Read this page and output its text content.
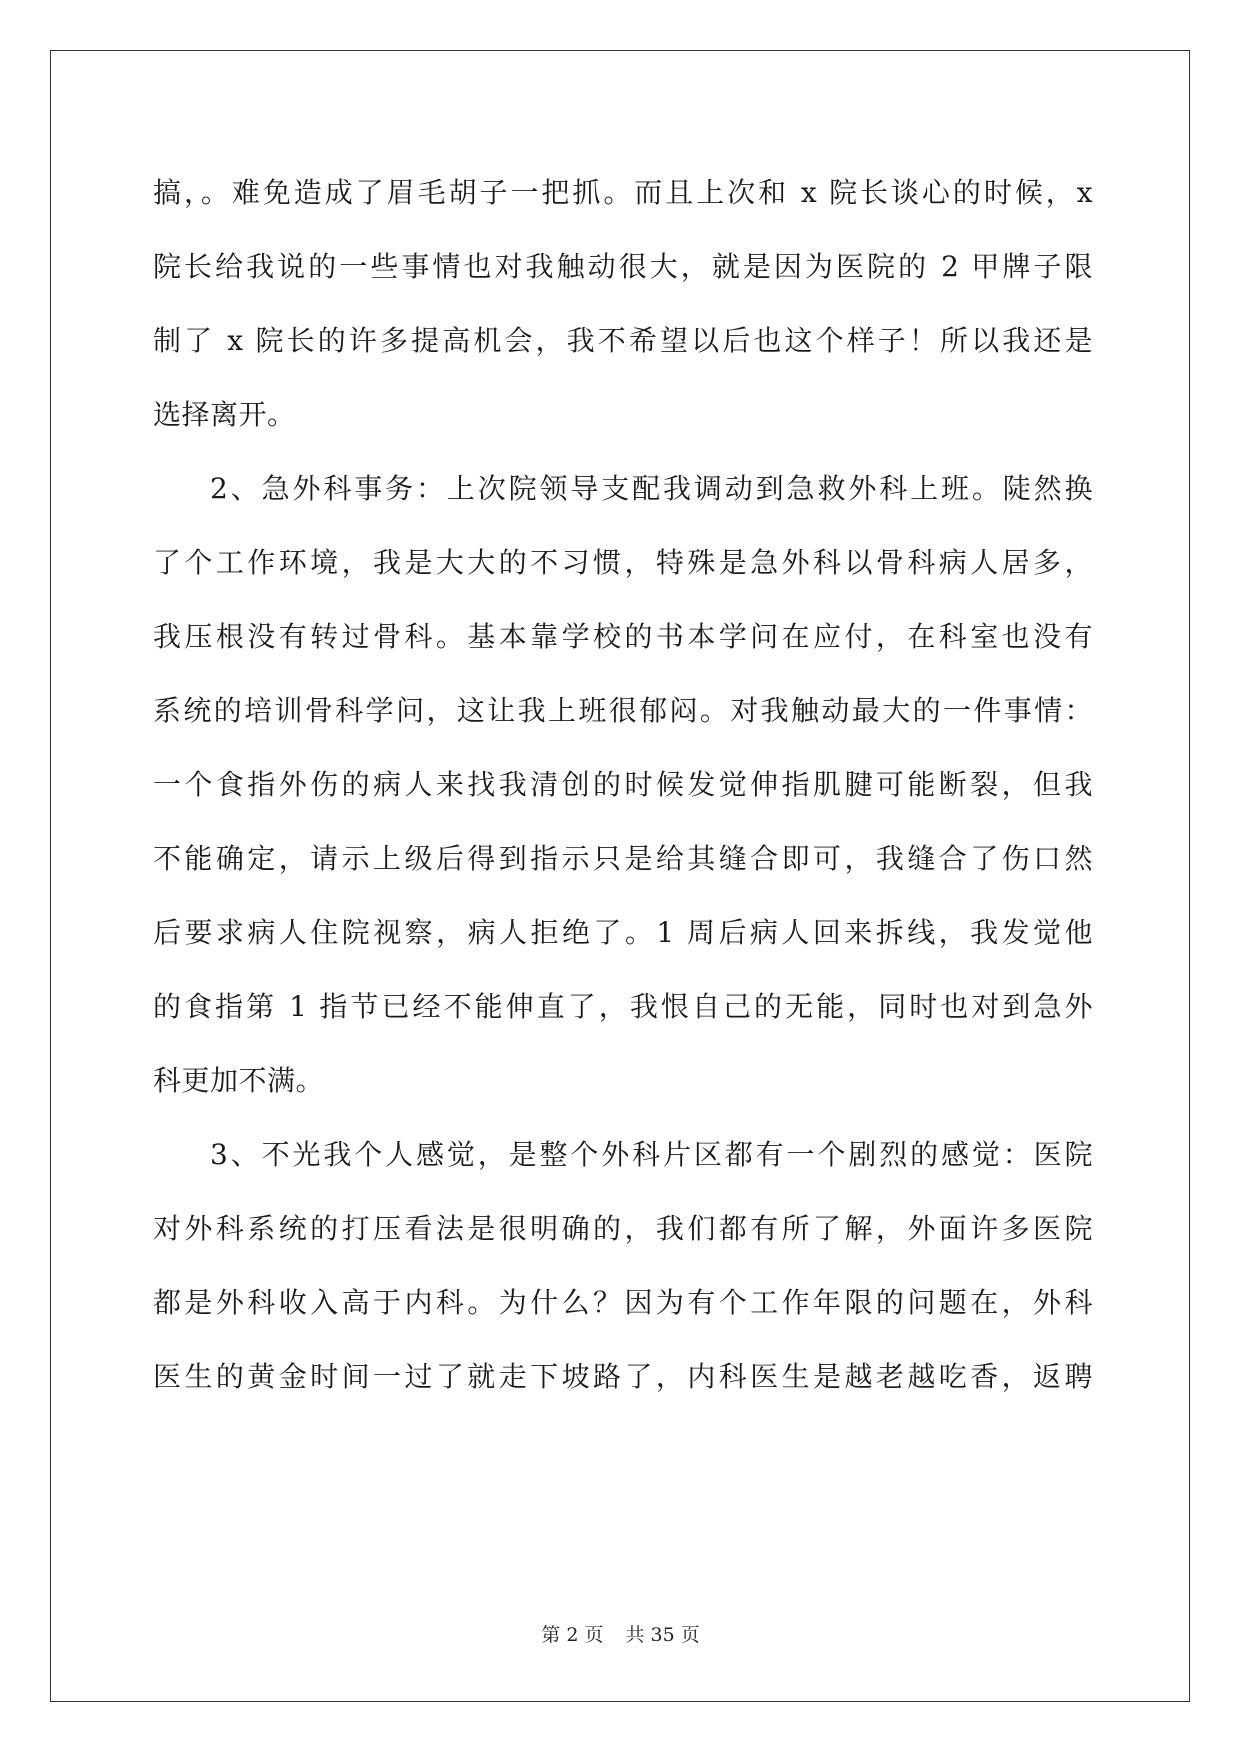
搞，。难免造成了眉毛胡子一把抓。而且上次和 x 院长谈心的时候，x
院长给我说的一些事情也对我触动很大，就是因为医院的 2 甲牌子限
制了 x 院长的许多提高机会，我不希望以后也这个样子！所以我还是
选择离开。
2、急外科事务：上次院领导支配我调动到急救外科上班。陡然换
了个工作环境，我是大大的不习惯，特殊是急外科以骨科病人居多，
我压根没有转过骨科。基本靠学校的书本学问在应付，在科室也没有
系统的培训骨科学问，这让我上班很郁闷。对我触动最大的一件事情：
一个食指外伤的病人来找我清创的时候发觉伸指肌腱可能断裂，但我
不能确定，请示上级后得到指示只是给其缝合即可，我缝合了伤口然
后要求病人住院视察，病人拒绝了。1 周后病人回来拆线，我发觉他
的食指第 1 指节已经不能伸直了，我恨自己的无能，同时也对到急外
科更加不满。
3、不光我个人感觉，是整个外科片区都有一个剧烈的感觉：医院
对外科系统的打压看法是很明确的，我们都有所了解，外面许多医院
都是外科收入高于内科。为什么？因为有个工作年限的问题在，外科
医生的黄金时间一过了就走下坡路了，内科医生是越老越吃香，返聘
第 2 页 共 35 页
